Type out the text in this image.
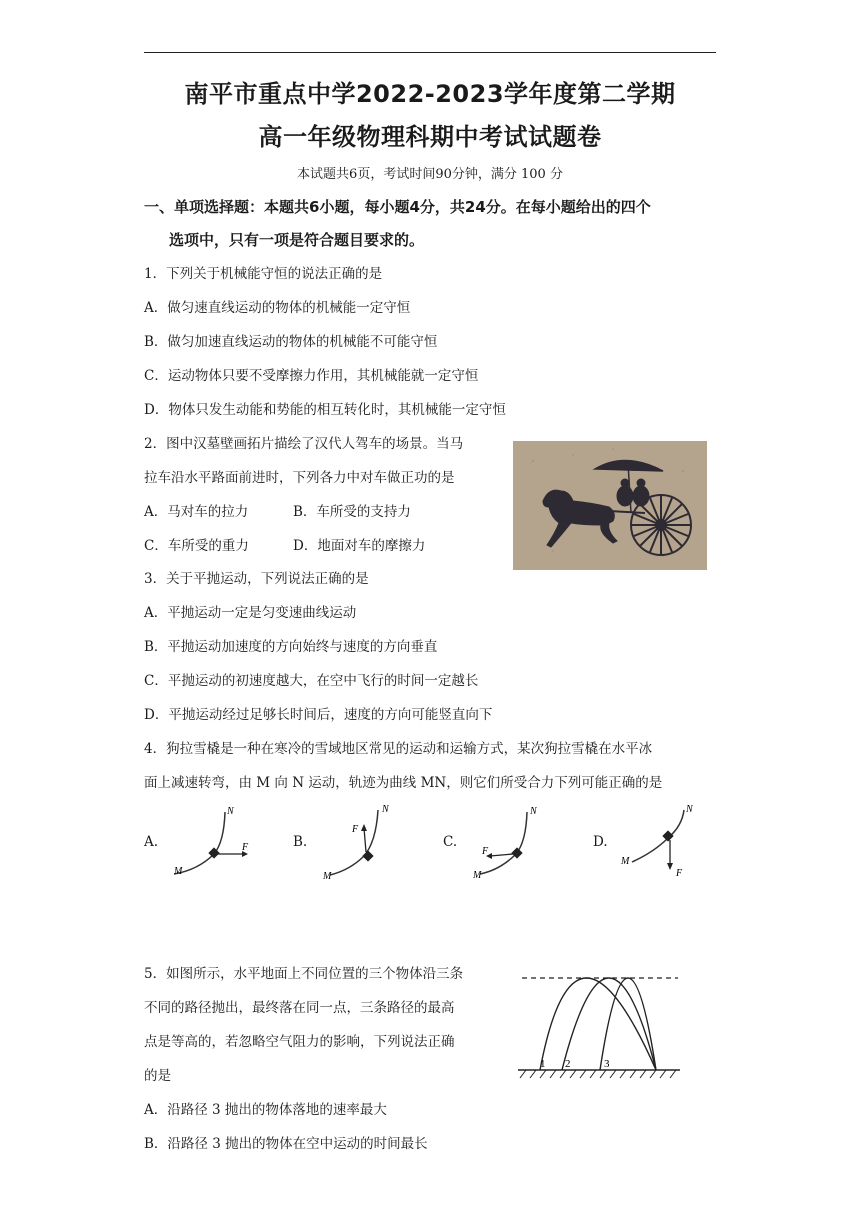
南平市重点中学2022-2023学年度第二学期
高一年级物理科期中考试试题卷
本试题共6页，考试时间90分钟，满分 100 分
一、单项选择题：本题共6小题，每小题4分，共24分。在每小题给出的四个
选项中，只有一项是符合题目要求的。
1．下列关于机械能守恒的说法正确的是
A．做匀速直线运动的物体的机械能一定守恒
B．做匀加速直线运动的物体的机械能不可能守恒
C．运动物体只要不受摩擦力作用，其机械能就一定守恒
D．物体只发生动能和势能的相互转化时，其机械能一定守恒
2．图中汉墓壁画拓片描绘了汉代人驾车的场景。当马
拉车沿水平路面前进时，下列各力中对车做正功的是
A．马对车的拉力	B．车所受的支持力
C．车所受的重力	D．地面对车的摩擦力
3．关于平抛运动，下列说法正确的是
A．平抛运动一定是匀变速曲线运动
B．平抛运动加速度的方向始终与速度的方向垂直
C．平抛运动的初速度越大，在空中飞行的时间一定越长
D．平抛运动经过足够长时间后，速度的方向可能竖直向下
4．狗拉雪橇是一种在寒冷的雪域地区常见的运动和运输方式，某次狗拉雪橇在水平冰
面上减速转弯，由 M 向 N 运动，轨迹为曲线 MN，则它们所受合力下列可能正确的是
A.
M
N
F	B.
M
N
F
C.
M
N
F
D.
M
N
F
5．如图所示，水平地面上不同位置的三个物体沿三条
不同的路径抛出，最终落在同一点，三条路径的最高
点是等高的，若忽略空气阻力的影响，下列说法正确
的是
A．沿路径 3 抛出的物体落地的速率最大
B．沿路径 3 抛出的物体在空中运动的时间最长
1 2	3
